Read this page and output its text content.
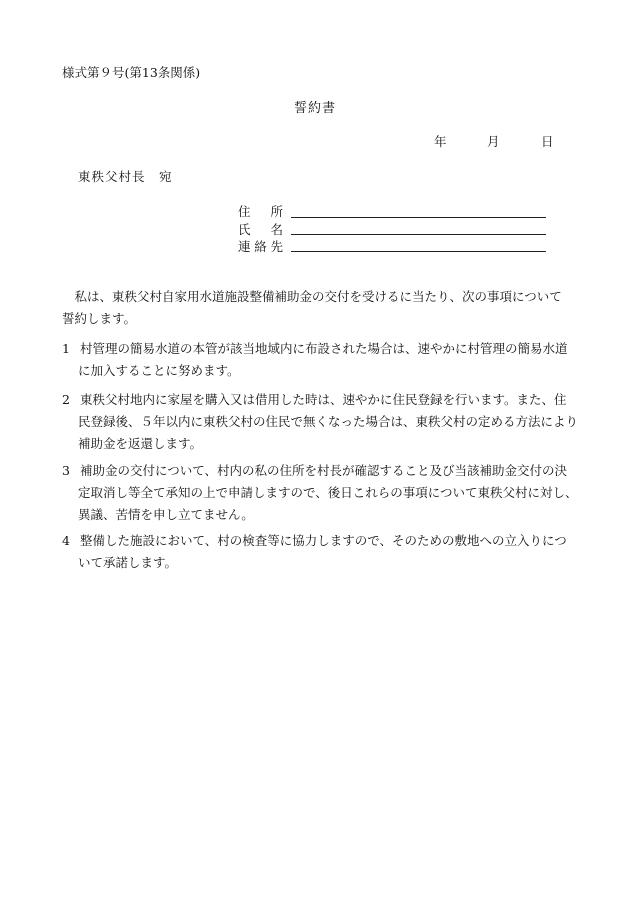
様式第９号(第13条関係)
誓約書
年	月	日
東秩父村長　宛
住所
氏名
連絡先
私は、東秩父村自家用水道施設整備補助金の交付を受けるに当たり、次の事項について誓約します。
1 村管理の簡易水道の本管が該当地域内に布設された場合は、速やかに村管理の簡易水道に加入することに努めます。
2 東秩父村地内に家屋を購入又は借用した時は、速やかに住民登録を行います。また、住民登録後、５年以内に東秩父村の住民で無くなった場合は、東秩父村の定める方法により補助金を返還します。
3 補助金の交付について、村内の私の住所を村長が確認すること及び当該補助金交付の決定取消し等全て承知の上で申請しますので、後日これらの事項について東秩父村に対し、異議、苦情を申し立てません。
4 整備した施設において、村の検査等に協力しますので、そのための敷地への立入りについて承諾します。
